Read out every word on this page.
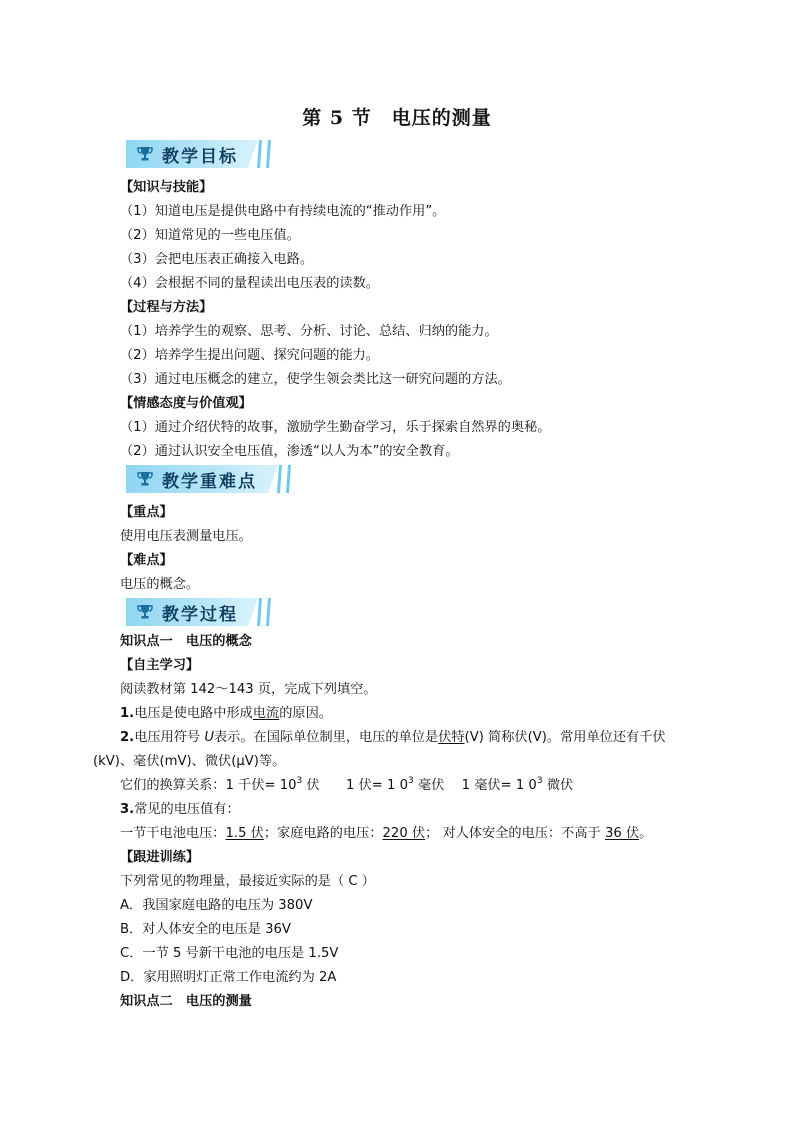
第 5 节　电压的测量
教学目标
【知识与技能】
（1）知道电压是提供电路中有持续电流的“推动作用”。
（2）知道常见的一些电压值。
（3）会把电压表正确接入电路。
（4）会根据不同的量程读出电压表的读数。
【过程与方法】
（1）培养学生的观察、思考、分析、讨论、总结、归纳的能力。
（2）培养学生提出问题、探究问题的能力。
（3）通过电压概念的建立，使学生领会类比这一研究问题的方法。
【情感态度与价值观】
（1）通过介绍伏特的故事，激励学生勤奋学习，乐于探索自然界的奥秘。
（2）通过认识安全电压值，渗透“以人为本”的安全教育。
教学重难点
【重点】
使用电压表测量电压。
【难点】
电压的概念。
教学过程
知识点一　电压的概念
【自主学习】
阅读教材第 142～143 页，完成下列填空。
1.电压是使电路中形成电流的原因。
2.电压用符号 U表示。在国际单位制里，电压的单位是伏特(V) 简称伏(V)。常用单位还有千伏
(kV)、毫伏(mV)、微伏(μV)等。
它们的换算关系：1 千伏= $10^3$ 伏　　1 伏= 1 $0^3$ 毫伏　 1 毫伏= 1 $0^3$ 微伏
3.常见的电压值有：
一节干电池电压：1.5 伏；家庭电路的电压：220 伏； 对人体安全的电压：不高于 36 伏。
【跟进训练】
下列常见的物理量，最接近实际的是（ C ）
A．我国家庭电路的电压为 380V
B．对人体安全的电压是 36V
C．一节 5 号新干电池的电压是 1.5V
D．家用照明灯正常工作电流约为 2A
知识点二　电压的测量
